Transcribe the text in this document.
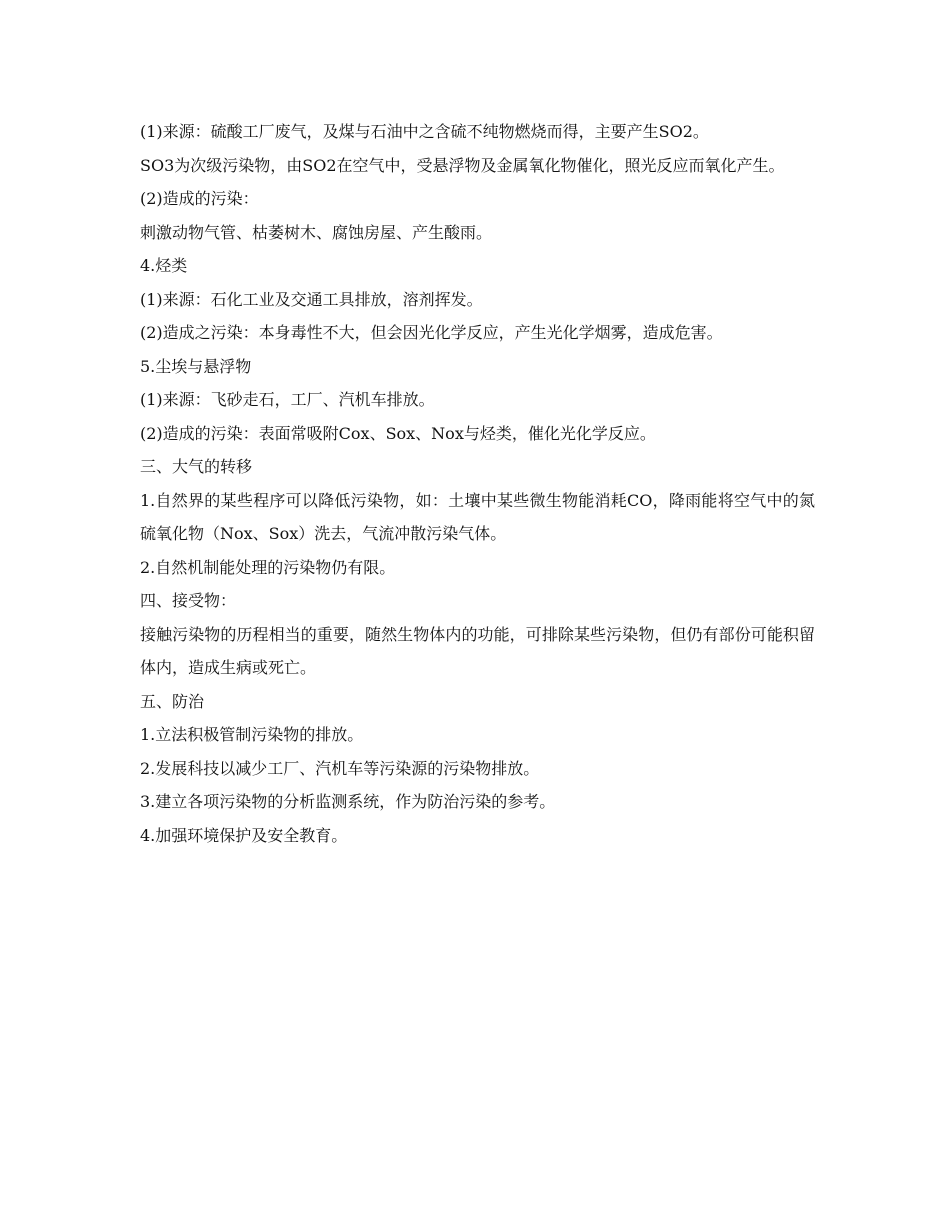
(1)来源：硫酸工厂废气，及煤与石油中之含硫不纯物燃烧而得，主要产生SO2。

SO3为次级污染物，由SO2在空气中，受悬浮物及金属氧化物催化，照光反应而氧化产生。

(2)造成的污染：

刺激动物气管、枯萎树木、腐蚀房屋、产生酸雨。

4.烃类

(1)来源：石化工业及交通工具排放，溶剂挥发。

(2)造成之污染：本身毒性不大，但会因光化学反应，产生光化学烟雾，造成危害。

5.尘埃与悬浮物

(1)来源：飞砂走石，工厂、汽机车排放。

(2)造成的污染：表面常吸附Cox、Sox、Nox与烃类，催化光化学反应。

三、大气的转移

1.自然界的某些程序可以降低污染物，如：土壤中某些微生物能消耗CO，降雨能将空气中的氮硫氧化物（Nox、Sox）洗去，气流冲散污染气体。

2.自然机制能处理的污染物仍有限。

四、接受物：

接触污染物的历程相当的重要，随然生物体内的功能，可排除某些污染物，但仍有部份可能积留体内，造成生病或死亡。

五、防治

1.立法积极管制污染物的排放。

2.发展科技以减少工厂、汽机车等污染源的污染物排放。

3.建立各项污染物的分析监测系统，作为防治污染的参考。

4.加强环境保护及安全教育。
